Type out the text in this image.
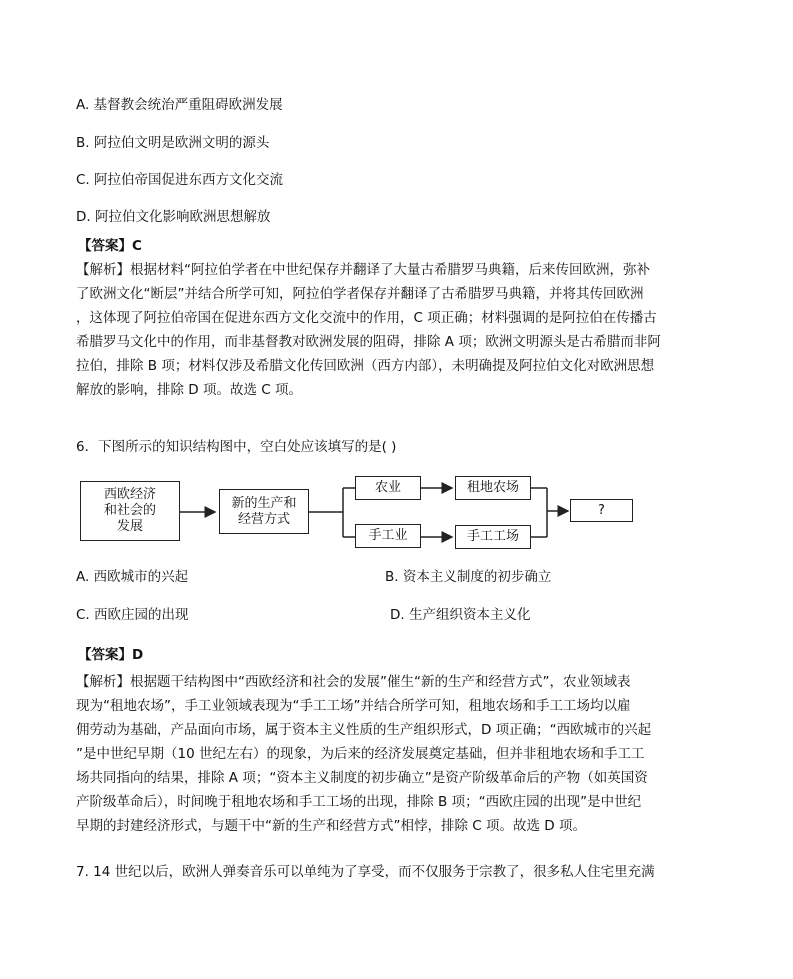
A. 基督教会统治严重阻碍欧洲发展
B. 阿拉伯文明是欧洲文明的源头
C. 阿拉伯帝国促进东西方文化交流
D. 阿拉伯文化影响欧洲思想解放
【答案】C
【解析】根据材料“阿拉伯学者在中世纪保存并翻译了大量古希腊罗马典籍，后来传回欧洲，弥补
了欧洲文化“断层”并结合所学可知，阿拉伯学者保存并翻译了古希腊罗马典籍，并将其传回欧洲
，这体现了阿拉伯帝国在促进东西方文化交流中的作用，C 项正确；材料强调的是阿拉伯在传播古
希腊罗马文化中的作用，而非基督教对欧洲发展的阻碍，排除 A 项；欧洲文明源头是古希腊而非阿
拉伯，排除 B 项；材料仅涉及希腊文化传回欧洲（西方内部），未明确提及阿拉伯文化对欧洲思想
解放的影响，排除 D 项。故选 C 项。
6．下图所示的知识结构图中，空白处应该填写的是( )
西欧经济
和社会的
发展
新的生产和
经营方式
农业
手工业
租地农场
手工工场
?
A. 西欧城市的兴起	B. 资本主义制度的初步确立
C. 西欧庄园的出现	D. 生产组织资本主义化
【答案】D
【解析】根据题干结构图中“西欧经济和社会的发展”催生“新的生产和经营方式”，农业领域表
现为“租地农场”，手工业领域表现为“手工工场”并结合所学可知，租地农场和手工工场均以雇
佣劳动为基础，产品面向市场，属于资本主义性质的生产组织形式，D 项正确；“西欧城市的兴起
”是中世纪早期（10 世纪左右）的现象，为后来的经济发展奠定基础，但并非租地农场和手工工
场共同指向的结果，排除 A 项；“资本主义制度的初步确立”是资产阶级革命后的产物（如英国资
产阶级革命后），时间晚于租地农场和手工工场的出现，排除 B 项；“西欧庄园的出现”是中世纪
早期的封建经济形式，与题干中“新的生产和经营方式”相悖，排除 C 项。故选 D 项。
7. 14 世纪以后，欧洲人弹奏音乐可以单纯为了享受，而不仅服务于宗教了，很多私人住宅里充满
